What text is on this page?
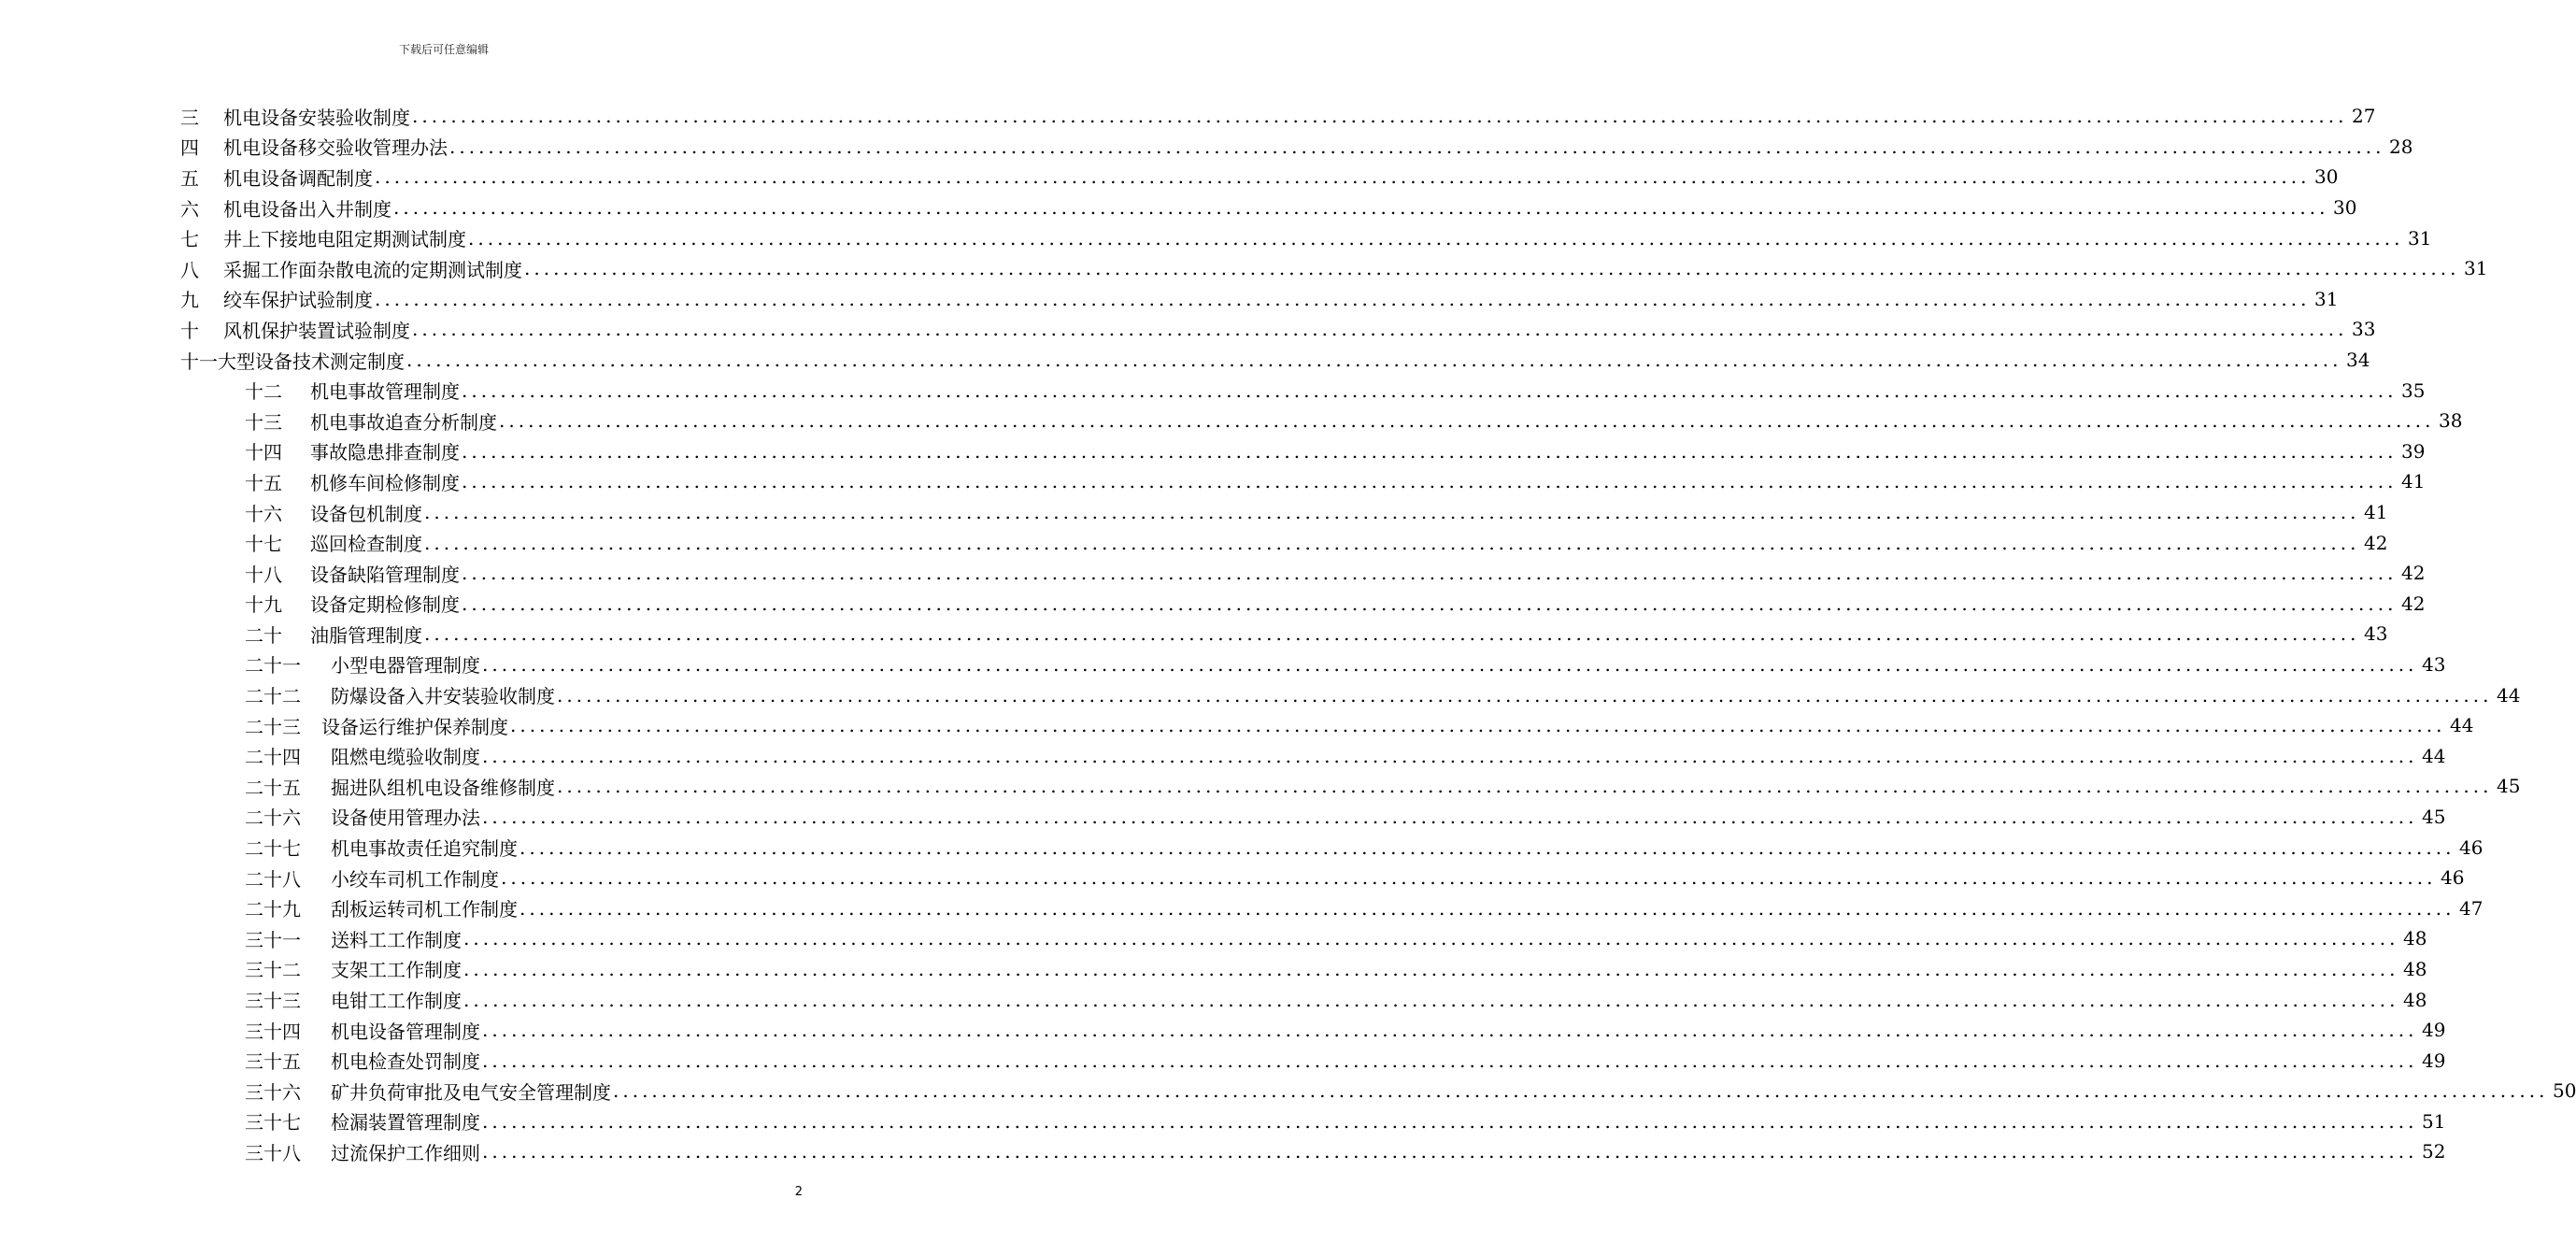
下载后可任意编辑
三	机电设备安装验收制度 ........................................................................................................................................................................................................ 27
四	机电设备移交验收管理办法 ........................................................................................................................................................................................................ 28
五	机电设备调配制度 ........................................................................................................................................................................................................ 30
六	机电设备出入井制度 ........................................................................................................................................................................................................ 30
七	井上下接地电阻定期测试制度 ........................................................................................................................................................................................................ 31
八	采掘工作面杂散电流的定期测试制度 ........................................................................................................................................................................................................ 31
九	绞车保护试验制度 ........................................................................................................................................................................................................ 31
十	风机保护装置试验制度 ........................................................................................................................................................................................................ 33
十一 大型设备技术测定制度 ........................................................................................................................................................................................................ 34
十二	机电事故管理制度 ........................................................................................................................................................................................................ 35
十三	机电事故追查分析制度 ........................................................................................................................................................................................................ 38
十四	事故隐患排查制度 ........................................................................................................................................................................................................ 39
十五	机修车间检修制度 ........................................................................................................................................................................................................ 41
十六	设备包机制度 ........................................................................................................................................................................................................ 41
十七	巡回检查制度 ........................................................................................................................................................................................................ 42
十八	设备缺陷管理制度 ........................................................................................................................................................................................................ 42
十九	设备定期检修制度 ........................................................................................................................................................................................................ 42
二十	油脂管理制度 ........................................................................................................................................................................................................ 43
二十一	小型电器管理制度 ........................................................................................................................................................................................................ 43
二十二	防爆设备入井安装验收制度 ........................................................................................................................................................................................................ 44
二十三	设备运行维护保养制度 ........................................................................................................................................................................................................ 44
二十四	阻燃电缆验收制度 ........................................................................................................................................................................................................ 44
二十五	掘进队组机电设备维修制度 ........................................................................................................................................................................................................ 45
二十六	设备使用管理办法 ........................................................................................................................................................................................................ 45
二十七	机电事故责任追究制度 ........................................................................................................................................................................................................ 46
二十八	小绞车司机工作制度 ........................................................................................................................................................................................................ 46
二十九	刮板运转司机工作制度 ........................................................................................................................................................................................................ 47
三十一	送料工工作制度 ........................................................................................................................................................................................................ 48
三十二	支架工工作制度 ........................................................................................................................................................................................................ 48
三十三	电钳工工作制度 ........................................................................................................................................................................................................ 48
三十四	机电设备管理制度 ........................................................................................................................................................................................................ 49
三十五	机电检查处罚制度 ........................................................................................................................................................................................................ 49
三十六	矿井负荷审批及电气安全管理制度 ........................................................................................................................................................................................................ 50
三十七	检漏装置管理制度 ........................................................................................................................................................................................................ 51
三十八	过流保护工作细则 ........................................................................................................................................................................................................ 52
2
